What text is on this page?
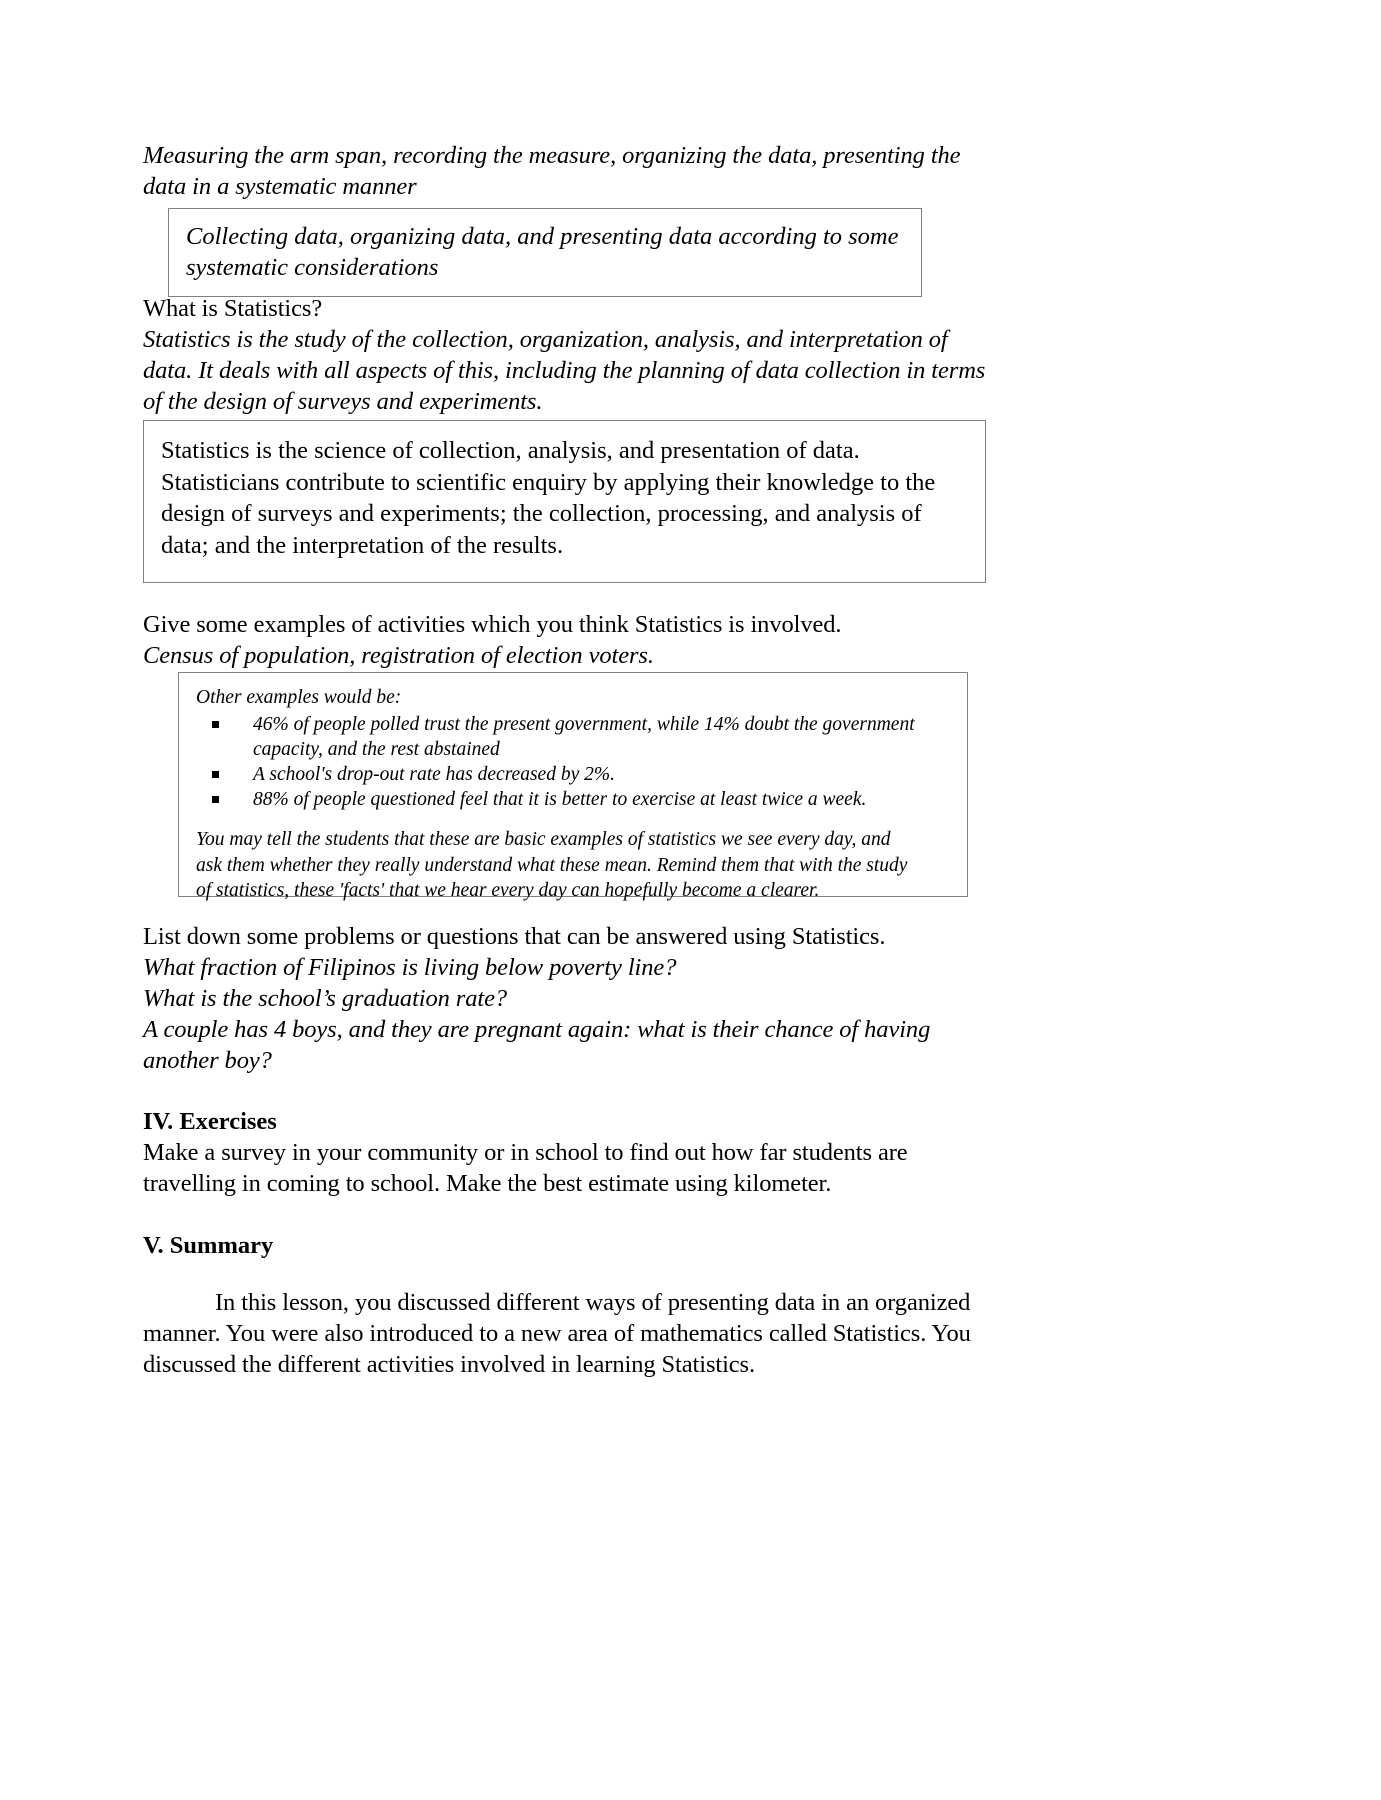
Measuring the arm span, recording the measure, organizing the data, presenting the data in a systematic manner

Collecting data, organizing data, and presenting data according to some systematic considerations

What is Statistics?

Statistics is the study of the collection, organization, analysis, and interpretation of data. It deals with all aspects of this, including the planning of data collection in terms of the design of surveys and experiments.

Statistics is the science of collection, analysis, and presentation of data. Statisticians contribute to scientific enquiry by applying their knowledge to the design of surveys and experiments; the collection, processing, and analysis of data; and the interpretation of the results.

Give some examples of activities which you think Statistics is involved.

Census of population, registration of election voters.

Other examples would be:

46% of people polled trust the present government, while 14% doubt the government capacity, and the rest abstained
A school's drop-out rate has decreased by 2%.
88% of people questioned feel that it is better to exercise at least twice a week.

You may tell the students that these are basic examples of statistics we see every day, and ask them whether they really understand what these mean. Remind them that with the study of statistics, these 'facts' that we hear every day can hopefully become a clearer.

List down some problems or questions that can be answered using Statistics.

What fraction of Filipinos is living below poverty line?

What is the school’s graduation rate?

A couple has 4 boys, and they are pregnant again: what is their chance of having another boy?

IV. Exercises

Make a survey in your community or in school to find out how far students are travelling in coming to school. Make the best estimate using kilometer.

V. Summary

In this lesson, you discussed different ways of presenting data in an organized manner. You were also introduced to a new area of mathematics called Statistics. You discussed the different activities involved in learning Statistics.
